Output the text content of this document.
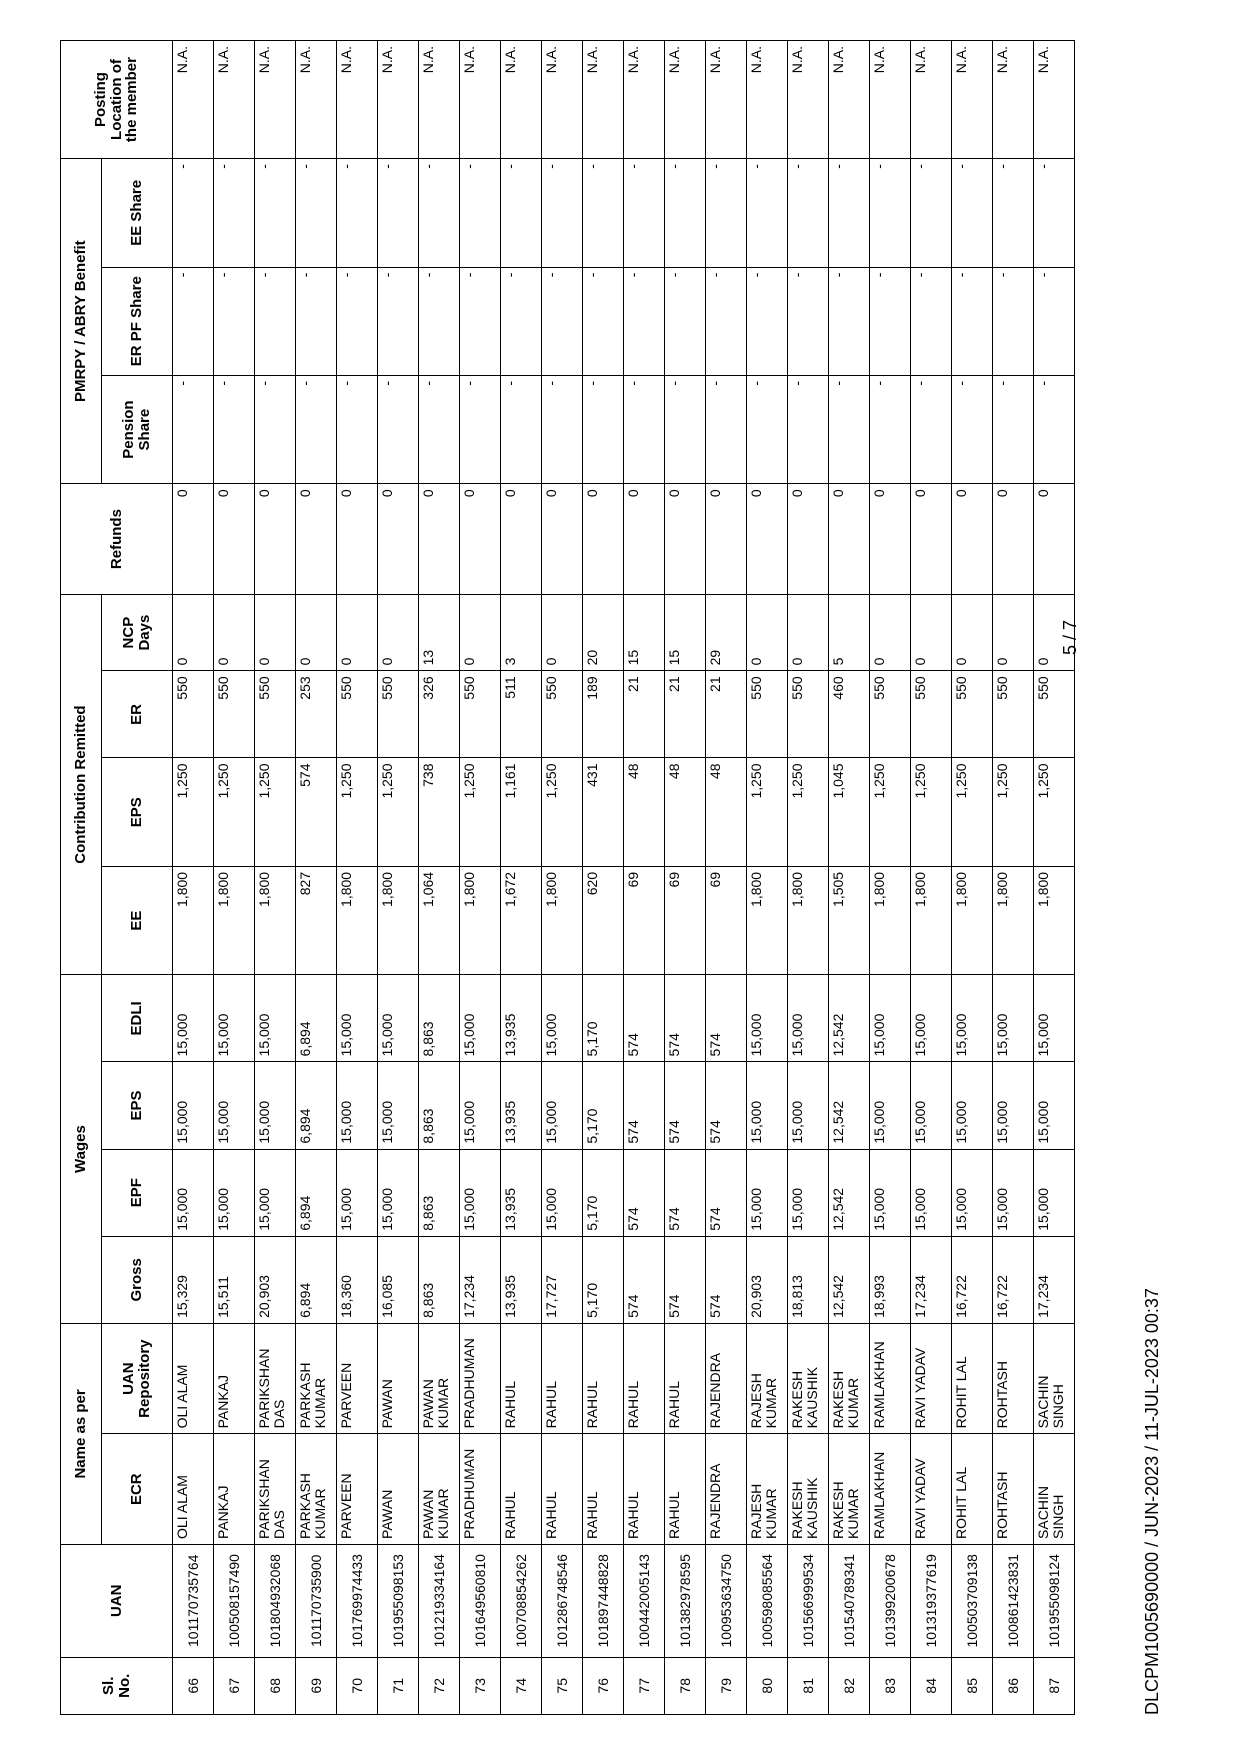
Sl. No.	UAN	Name as per		Wages				Contribution Remitted				Refunds	PMRPY / ABRY Benefit			Posting Location of the member
		ECR	UAN Repository	Gross	EPF	EPS	EDLI	EE	EPS	ER	NCP Days		Pension Share	ER PF Share	EE Share	
66	101170735764	OLI ALAM	OLI ALAM	15,329	15,000	15,000	15,000	1,800	1,250	550	0	0	-	-	-	N.A.
67	100508157490	PANKAJ	PANKAJ	15,511	15,000	15,000	15,000	1,800	1,250	550	0	0	-	-	-	N.A.
68	101804932068	PARIKSHAN DAS	PARIKSHAN DAS	20,903	15,000	15,000	15,000	1,800	1,250	550	0	0	-	-	-	N.A.
69	101170735900	PARKASH KUMAR	PARKASH KUMAR	6,894	6,894	6,894	6,894	827	574	253	0	0	-	-	-	N.A.
70	101769974433	PARVEEN	PARVEEN	18,360	15,000	15,000	15,000	1,800	1,250	550	0	0	-	-	-	N.A.
71	101955098153	PAWAN	PAWAN	16,085	15,000	15,000	15,000	1,800	1,250	550	0	0	-	-	-	N.A.
72	101219334164	PAWAN KUMAR	PAWAN KUMAR	8,863	8,863	8,863	8,863	1,064	738	326	13	0	-	-	-	N.A.
73	101649560810	PRADHUMAN	PRADHUMAN	17,234	15,000	15,000	15,000	1,800	1,250	550	0	0	-	-	-	N.A.
74	100708854262	RAHUL	RAHUL	13,935	13,935	13,935	13,935	1,672	1,161	511	3	0	-	-	-	N.A.
75	101286748546	RAHUL	RAHUL	17,727	15,000	15,000	15,000	1,800	1,250	550	0	0	-	-	-	N.A.
76	101897448828	RAHUL	RAHUL	5,170	5,170	5,170	5,170	620	431	189	20	0	-	-	-	N.A.
77	100442005143	RAHUL	RAHUL	574	574	574	574	69	48	21	15	0	-	-	-	N.A.
78	101382978595	RAHUL	RAHUL	574	574	574	574	69	48	21	15	0	-	-	-	N.A.
79	100953634750	RAJENDRA	RAJENDRA	574	574	574	574	69	48	21	29	0	-	-	-	N.A.
80	100598085564	RAJESH KUMAR	RAJESH KUMAR	20,903	15,000	15,000	15,000	1,800	1,250	550	0	0	-	-	-	N.A.
81	101566999534	RAKESH KAUSHIK	RAKESH KAUSHIK	18,813	15,000	15,000	15,000	1,800	1,250	550	0	0	-	-	-	N.A.
82	101540789341	RAKESH KUMAR	RAKESH KUMAR	12,542	12,542	12,542	12,542	1,505	1,045	460	5	0	-	-	-	N.A.
83	101399200678	RAMLAKHAN	RAMLAKHAN	18,993	15,000	15,000	15,000	1,800	1,250	550	0	0	-	-	-	N.A.
84	101319377619	RAVI YADAV	RAVI YADAV	17,234	15,000	15,000	15,000	1,800	1,250	550	0	0	-	-	-	N.A.
85	100503709138	ROHIT LAL	ROHIT LAL	16,722	15,000	15,000	15,000	1,800	1,250	550	0	0	-	-	-	N.A.
86	100861423831	ROHTASH	ROHTASH	16,722	15,000	15,000	15,000	1,800	1,250	550	0	0	-	-	-	N.A.
87	101955098124	SACHIN SINGH	SACHIN SINGH	17,234	15,000	15,000	15,000	1,800	1,250	550	0	0	-	-	-	N.A.
DLCPM1005690000 / JUN-2023 / 11-JUL-2023 00:37
5 / 7
